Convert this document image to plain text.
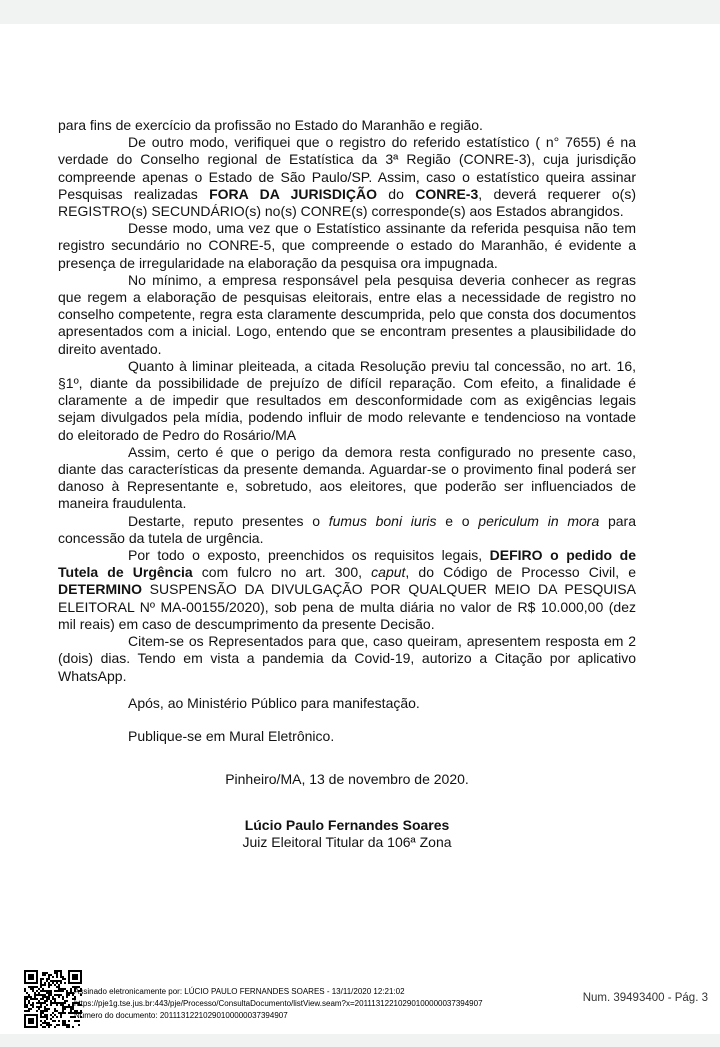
para fins de exercício da profissão no Estado do Maranhão e região.

De outro modo, verifiquei que o registro do referido estatístico ( n° 7655) é na verdade do Conselho regional de Estatística da 3ª Região (CONRE-3), cuja jurisdição compreende apenas o Estado de São Paulo/SP. Assim, caso o estatístico queira assinar Pesquisas realizadas FORA DA JURISDIÇÃO do CONRE-3, deverá requerer o(s) REGISTRO(s) SECUNDÁRIO(s) no(s) CONRE(s) corresponde(s) aos Estados abrangidos.

Desse modo, uma vez que o Estatístico assinante da referida pesquisa não tem registro secundário no CONRE-5, que compreende o estado do Maranhão, é evidente a presença de irregularidade na elaboração da pesquisa ora impugnada.

No mínimo, a empresa responsável pela pesquisa deveria conhecer as regras que regem a elaboração de pesquisas eleitorais, entre elas a necessidade de registro no conselho competente, regra esta claramente descumprida, pelo que consta dos documentos apresentados com a inicial. Logo, entendo que se encontram presentes a plausibilidade do direito aventado.

Quanto à liminar pleiteada, a citada Resolução previu tal concessão, no art. 16, §1º, diante da possibilidade de prejuízo de difícil reparação. Com efeito, a finalidade é claramente a de impedir que resultados em desconformidade com as exigências legais sejam divulgados pela mídia, podendo influir de modo relevante e tendencioso na vontade do eleitorado de Pedro do Rosário/MA

Assim, certo é que o perigo da demora resta configurado no presente caso, diante das características da presente demanda. Aguardar-se o provimento final poderá ser danoso à Representante e, sobretudo, aos eleitores, que poderão ser influenciados de maneira fraudulenta.

Destarte, reputo presentes o fumus boni iuris e o periculum in mora para concessão da tutela de urgência.

Por todo o exposto, preenchidos os requisitos legais, DEFIRO o pedido de Tutela de Urgência com fulcro no art. 300, caput, do Código de Processo Civil, e DETERMINO SUSPENSÃO DA DIVULGAÇÃO POR QUALQUER MEIO DA PESQUISA ELEITORAL Nº MA-00155/2020), sob pena de multa diária no valor de R$ 10.000,00 (dez mil reais) em caso de descumprimento da presente Decisão.

Citem-se os Representados para que, caso queiram, apresentem resposta em 2 (dois) dias. Tendo em vista a pandemia da Covid-19, autorizo a Citação por aplicativo WhatsApp.

Após, ao Ministério Público para manifestação.

Publique-se em Mural Eletrônico.

Pinheiro/MA, 13 de novembro de 2020.

Lúcio Paulo Fernandes Soares

Juiz Eleitoral Titular da 106ª Zona

Assinado eletronicamente por: LÚCIO PAULO FERNANDES SOARES - 13/11/2020 12:21:02

https://pje1g.tse.jus.br:443/pje/Processo/ConsultaDocumento/listView.seam?x=20111312210290100000037394907

Número do documento: 20111312210290100000037394907

Num. 39493400 - Pág. 3
